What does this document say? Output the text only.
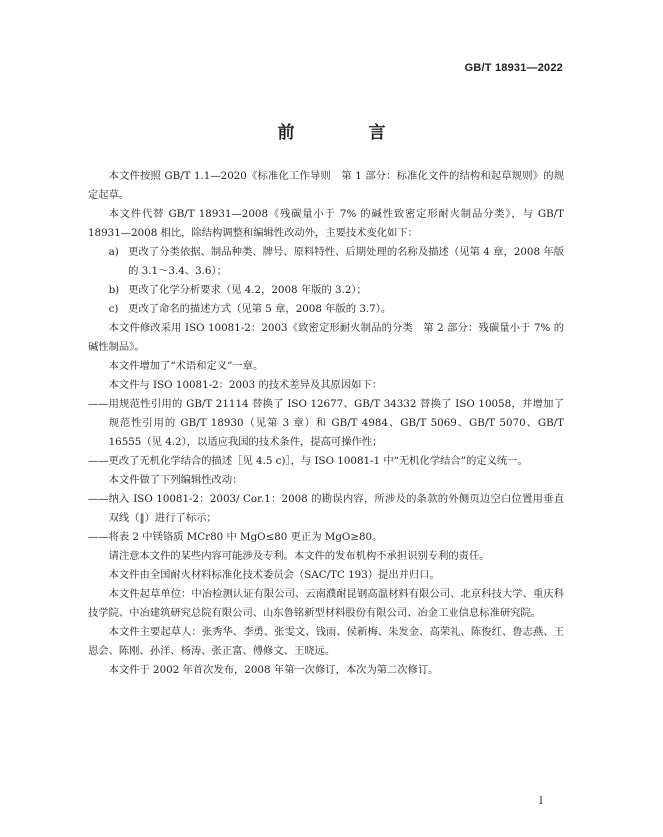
GB/T 18931—2022
前 言

本文件按照 GB/T 1.1—2020《标准化工作导则　第 1 部分：标准化文件的结构和起草规则》的规定起草。

本文件代替 GB/T 18931—2008《残碳量小于 7% 的碱性致密定形耐火制品分类》，与 GB/T 18931—2008 相比，除结构调整和编辑性改动外，主要技术变化如下：

a) 更改了分类依据、制品种类、牌号、原料特性、后期处理的名称及描述（见第 4 章，2008 年版的 3.1～3.4、3.6）；
b) 更改了化学分析要求（见 4.2，2008 年版的 3.2）；
c) 更改了命名的描述方式（见第 5 章，2008 年版的 3.7）。

本文件修改采用 ISO 10081-2：2003《致密定形耐火制品的分类　第 2 部分：残碳量小于 7% 的碱性制品》。

本文件增加了“术语和定义”一章。

本文件与 ISO 10081-2：2003 的技术差异及其原因如下：

—— 用规范性引用的 GB/T 21114 替换了 ISO 12677、GB/T 34332 替换了 ISO 10058，并增加了规范性引用的 GB/T 18930（见第 3 章）和 GB/T 4984、GB/T 5069、GB/T 5070、GB/T 16555（见 4.2），以适应我国的技术条件，提高可操作性；
—— 更改了无机化学结合的描述［见 4.5 c)］，与 ISO 10081-1 中“无机化学结合”的定义统一。

本文件做了下列编辑性改动：

—— 纳入 ISO 10081-2：2003/ Cor.1：2008 的勘误内容，所涉及的条款的外侧页边空白位置用垂直双线（‖）进行了标示；
—— 将表 2 中镁铬质 MCr80 中 MgO≤80 更正为 MgO≥80。

请注意本文件的某些内容可能涉及专利。本文件的发布机构不承担识别专利的责任。

本文件由全国耐火材料标准化技术委员会（SAC/TC 193）提出并归口。

本文件起草单位：中冶检测认证有限公司、云南濮耐昆钢高温材料有限公司、北京科技大学、重庆科技学院、中冶建筑研究总院有限公司、山东鲁铭新型材料股份有限公司、冶金工业信息标准研究院。

本文件主要起草人：张秀华、李勇、张雯文、钱雨、侯新梅、朱发金、高荣礼、陈俊红、鲁志燕、王恩会、陈刚、孙洋、杨涛、张正富、傅修文、王晓远。

本文件于 2002 年首次发布，2008 年第一次修订，本次为第二次修订。

I
